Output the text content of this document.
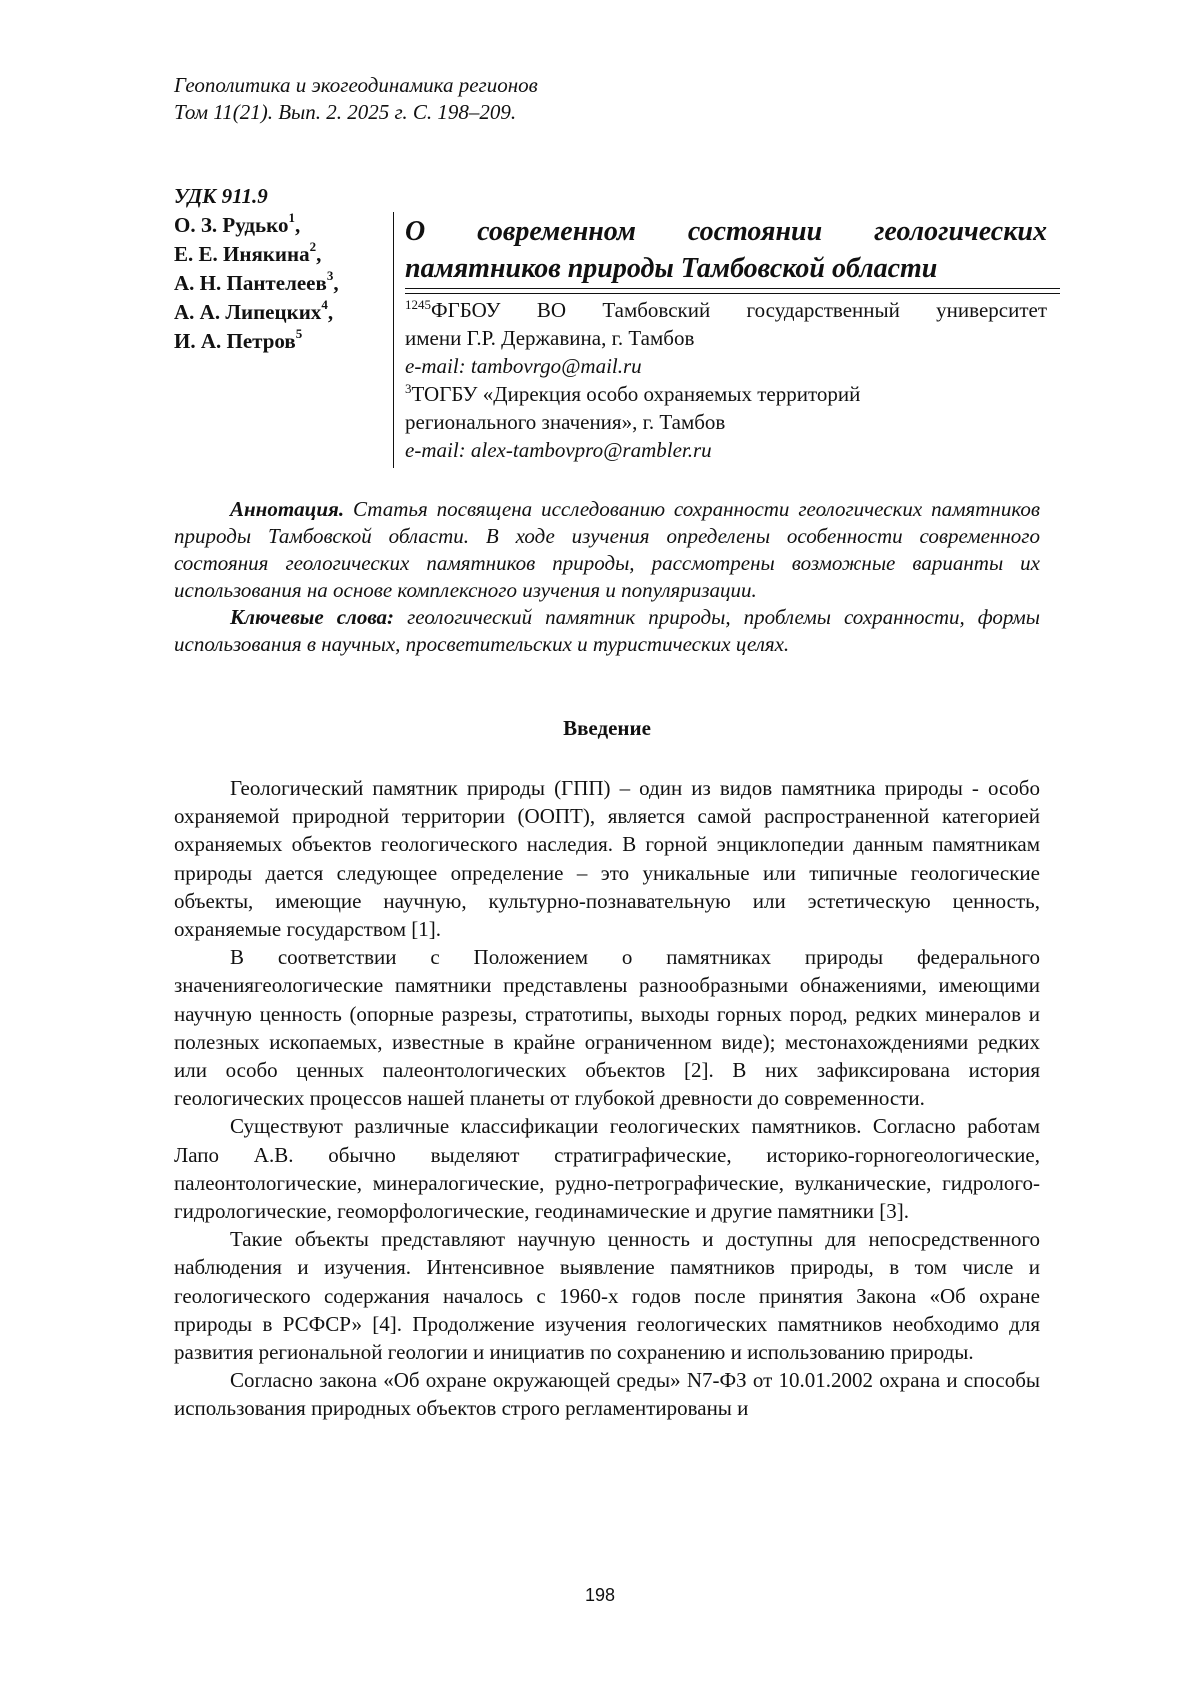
Геополитика и экогеодинамика регионов
Том 11(21). Вып. 2. 2025 г. С. 198–209.
УДК 911.9
О. З. Рудько$^1$,
Е. Е. Инякина$^2$,
А. Н. Пантелеев$^3$,
А. А. Липецких$^4$,
И. А. Петров$^5$
О современном состоянии геологических
памятников природы Тамбовской области
$^{1245}$ФГБОУ ВО Тамбовский государственный университет
имени Г.Р. Державина, г. Тамбов
e-mail: tambovrgo@mail.ru
$^3$ТОГБУ «Дирекция особо охраняемых территорий
регионального значения», г. Тамбов
e-mail: alex-tambovpro@rambler.ru

Аннотация. Статья посвящена исследованию сохранности геологических памятников природы Тамбовской области. В ходе изучения определены особенности современного состояния геологических памятников природы, рассмотрены возможные варианты их использования на основе комплексного изучения и популяризации.

Ключевые слова: геологический памятник природы, проблемы сохранности, формы использования в научных, просветительских и туристических целях.

Введение

Геологический памятник природы (ГПП) – один из видов памятника природы - особо охраняемой природной территории (ООПТ), является самой распространенной категорией охраняемых объектов геологического наследия. В горной энциклопедии данным памятникам природы дается следующее определение – это уникальные или типичные геологические объекты, имеющие научную, культурно-познавательную или эстетическую ценность, охраняемые государством [1].

В соответствии с Положением о памятниках природы федерального значениягеологические памятники представлены разнообразными обнажениями, имеющими научную ценность (опорные разрезы, стратотипы, выходы горных пород, редких минералов и полезных ископаемых, известные в крайне ограниченном виде); местонахождениями редких или особо ценных палеонтологических объектов [2]. В них зафиксирована история геологических процессов нашей планеты от глубокой древности до современности.

Существуют различные классификации геологических памятников. Согласно работам Лапо А.В. обычно выделяют стратиграфические, историко-горногеологические, палеонтологические, минералогические, рудно-петрографические, вулканические, гидролого-гидрологические, геоморфологические, геодинамические и другие памятники [3].

Такие объекты представляют научную ценность и доступны для непосредственного наблюдения и изучения. Интенсивное выявление памятников природы, в том числе и геологического содержания началось с 1960-х годов после принятия Закона «Об охране природы в РСФСР» [4]. Продолжение изучения геологических памятников необходимо для развития региональной геологии и инициатив по сохранению и использованию природы.

Согласно закона «Об охране окружающей среды» N7-ФЗ от 10.01.2002 охрана и способы использования природных объектов строго регламентированы и

198
